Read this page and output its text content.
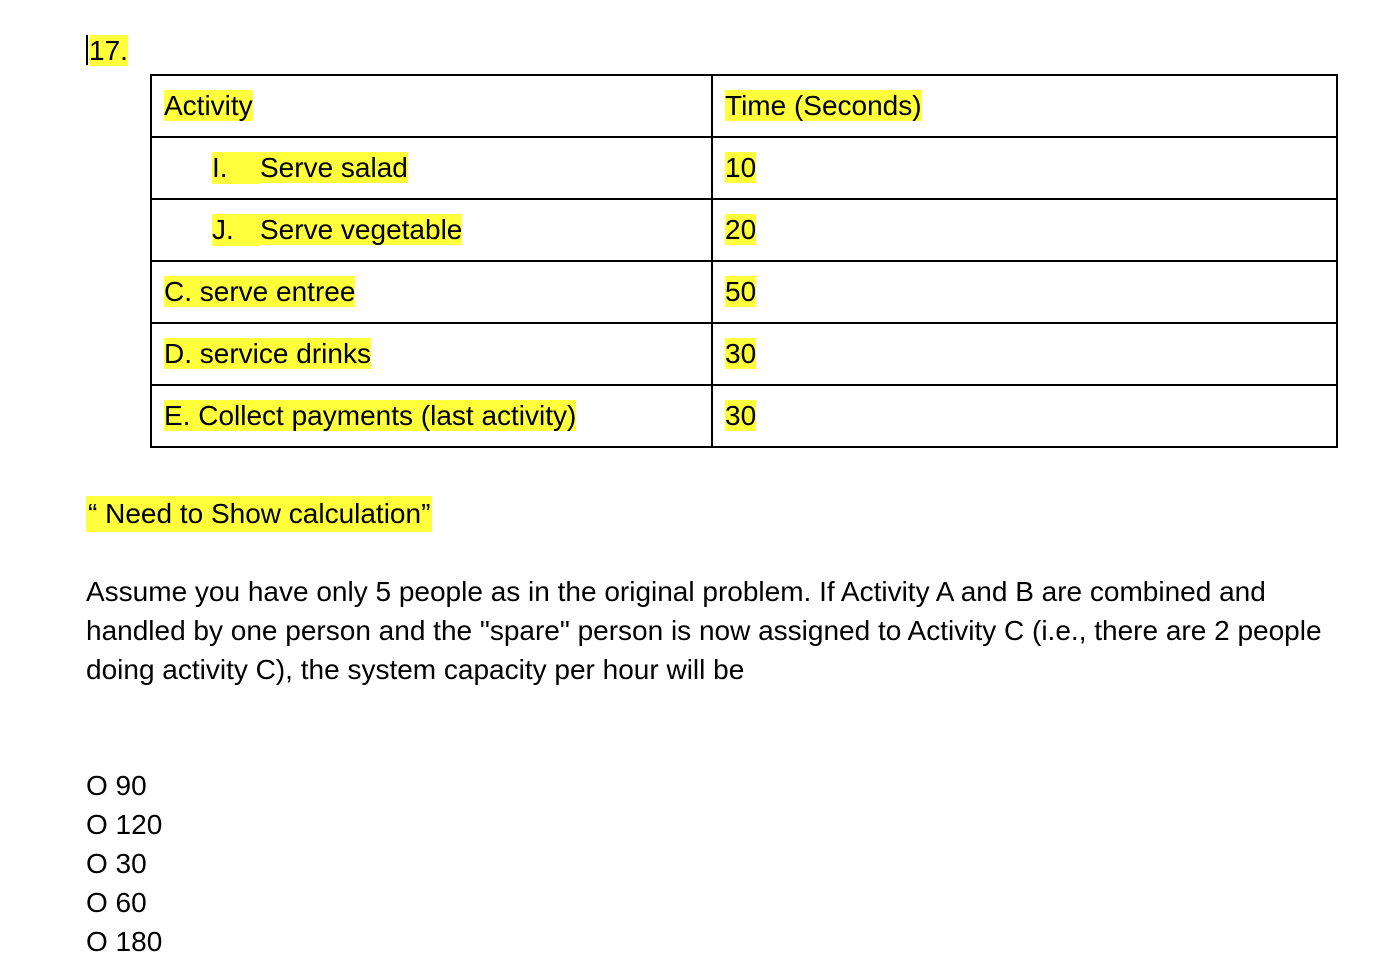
17.
Activity	Time (Seconds)
I. Serve salad	10
J. Serve vegetable	20
C. serve entree	50
D. service drinks	30
E. Collect payments (last activity)	30
“ Need to Show calculation”

Assume you have only 5 people as in the original problem. If Activity A and B are combined and handled by one person and the "spare" person is now assigned to Activity C (i.e., there are 2 people doing activity C), the system capacity per hour will be

O 90
O 120
O 30
O 60
O 180
